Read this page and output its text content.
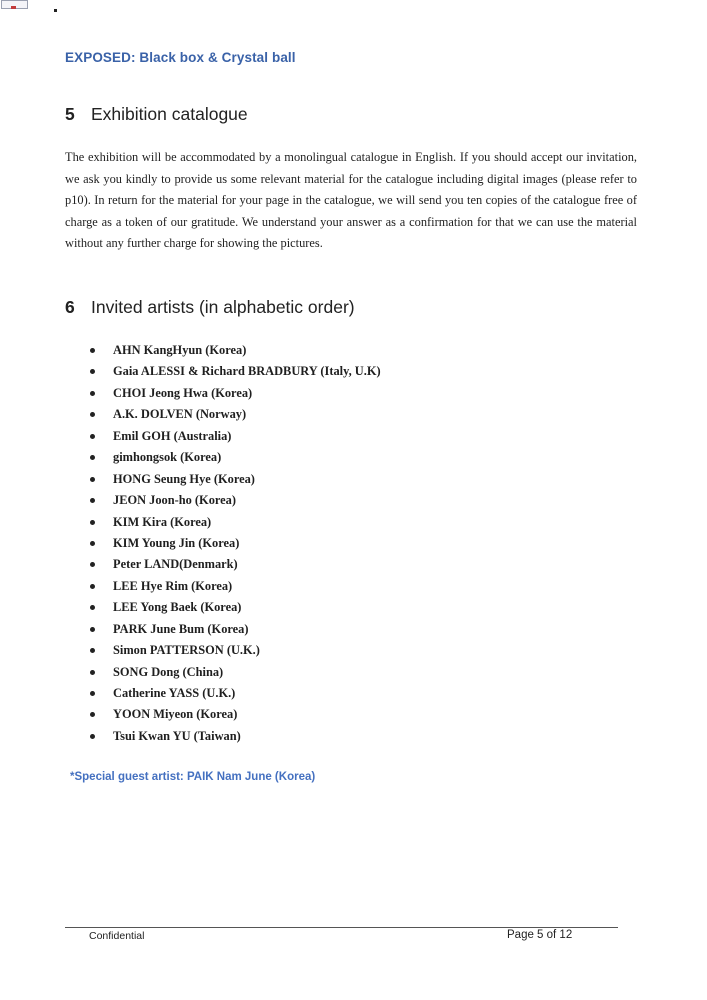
EXPOSED: Black box & Crystal ball
5 Exhibition catalogue
The exhibition will be accommodated by a monolingual catalogue in English. If you should accept our invitation, we ask you kindly to provide us some relevant material for the catalogue including digital images (please refer to p10). In return for the material for your page in the catalogue, we will send you ten copies of the catalogue free of charge as a token of our gratitude. We understand your answer as a confirmation for that we can use the material without any further charge for showing the pictures.
6 Invited artists (in alphabetic order)
AHN KangHyun (Korea)
Gaia ALESSI & Richard BRADBURY (Italy, U.K)
CHOI Jeong Hwa (Korea)
A.K. DOLVEN (Norway)
Emil GOH (Australia)
gimhongsok (Korea)
HONG Seung Hye (Korea)
JEON Joon-ho (Korea)
KIM Kira (Korea)
KIM Young Jin (Korea)
Peter LAND(Denmark)
LEE Hye Rim (Korea)
LEE Yong Baek (Korea)
PARK June Bum (Korea)
Simon PATTERSON (U.K.)
SONG Dong (China)
Catherine YASS (U.K.)
YOON Miyeon (Korea)
Tsui Kwan YU (Taiwan)
*Special guest artist: PAIK Nam June (Korea)
Confidential	Page 5 of 12
